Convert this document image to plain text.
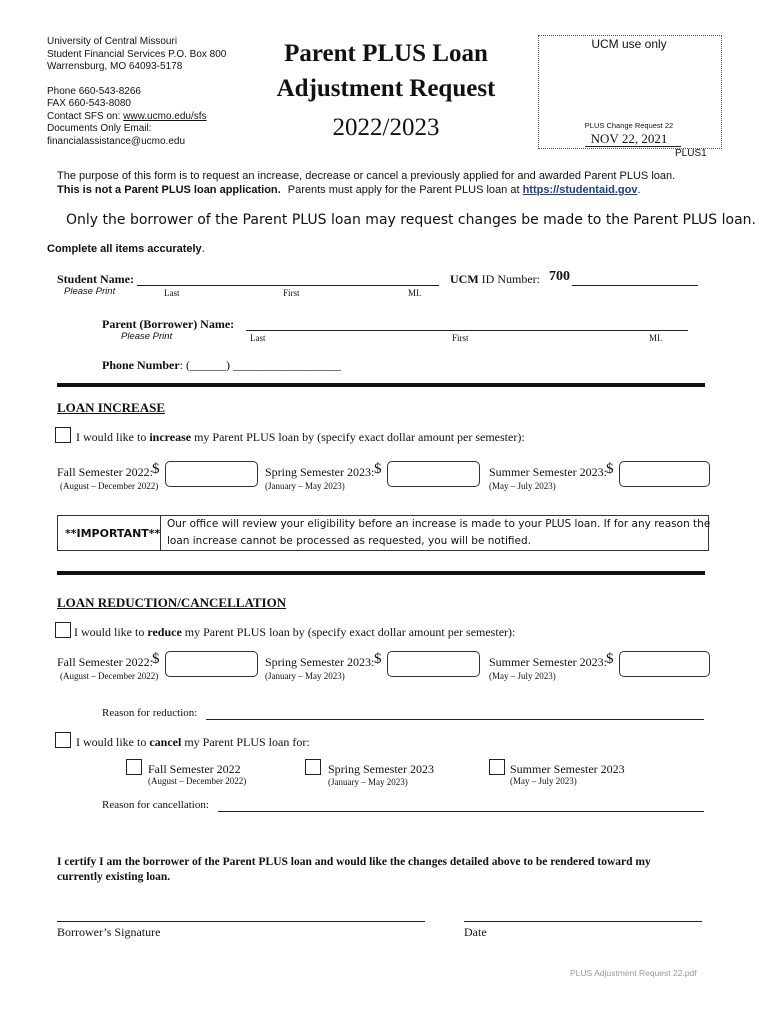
University of Central Missouri
Student Financial Services P.O. Box 800
Warrensburg, MO 64093-5178
Phone 660-543-8266
FAX 660-543-8080
Contact SFS on: www.ucmo.edu/sfs
Documents Only Email:
financialassistance@ucmo.edu
Parent PLUS Loan
Adjustment Request
2022/2023
UCM use only
PLUS Change Request 22
NOV 22, 2021
PLUS1
The purpose of this form is to request an increase, decrease or cancel a previously applied for and awarded Parent PLUS loan.
This is not a Parent PLUS loan application. Parents must apply for the Parent PLUS loan at https://studentaid.gov.
Only the borrower of the Parent PLUS loan may request changes be made to the Parent PLUS loan.
Complete all items accurately.
Student Name:
Please Print	Last	First	MI.
UCM ID Number: 700
Parent (Borrower) Name:
Please Print	Last	First	MI.
Phone Number: (______) __________________
LOAN INCREASE
I would like to increase my Parent PLUS loan by (specify exact dollar amount per semester):
Fall Semester 2022: $
(August – December 2022)
Spring Semester 2023: $
(January – May 2023)
Summer Semester 2023: $
(May – July 2023)
**IMPORTANT**
Our office will review your eligibility before an increase is made to your PLUS loan. If for any reason the
loan increase cannot be processed as requested, you will be notified.
LOAN REDUCTION/CANCELLATION
I would like to reduce my Parent PLUS loan by (specify exact dollar amount per semester):
Fall Semester 2022: $
(August – December 2022)
Spring Semester 2023: $
(January – May 2023)
Summer Semester 2023: $
(May – July 2023)
Reason for reduction:
I would like to cancel my Parent PLUS loan for:
Fall Semester 2022
(August – December 2022)
Spring Semester 2023
(January – May 2023)
Summer Semester 2023
(May – July 2023)
Reason for cancellation:
I certify I am the borrower of the Parent PLUS loan and would like the changes detailed above to be rendered toward my
currently existing loan.
Borrower’s Signature	Date
PLUS Adjustment Request 22.pdf
